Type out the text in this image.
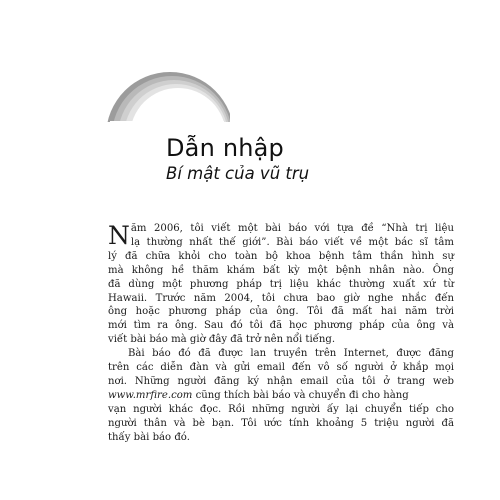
Dẫn nhập
Bí mật của vũ trụ
N ăm 2006, tôi viết một bài báo với tựa đề “Nhà trị liệu
lạ thường nhất thế giới”. Bài báo viết về một bác sĩ tâm
lý đã chữa khỏi cho toàn bộ khoa bệnh tâm thần hình sự
mà không hề thăm khám bất kỳ một bệnh nhân nào. Ông
đã dùng một phương pháp trị liệu khác thường xuất xứ từ
Hawaii. Trước năm 2004, tôi chưa bao giờ nghe nhắc đến
ông hoặc phương pháp của ông. Tôi đã mất hai năm trời
mới tìm ra ông. Sau đó tôi đã học phương pháp của ông và
viết bài báo mà giờ đây đã trở nên nổi tiếng.
Bài báo đó đã được lan truyền trên Internet, được đăng
trên các diễn đàn và gửi email đến vô số người ở khắp mọi
nơi. Những người đăng ký nhận email của tôi ở trang web
www.mrfire.com cũng thích bài báo và chuyển đi cho hàng
vạn người khác đọc. Rồi những người ấy lại chuyển tiếp cho
người thân và bè bạn. Tôi ước tính khoảng 5 triệu người đã
thấy bài báo đó.
